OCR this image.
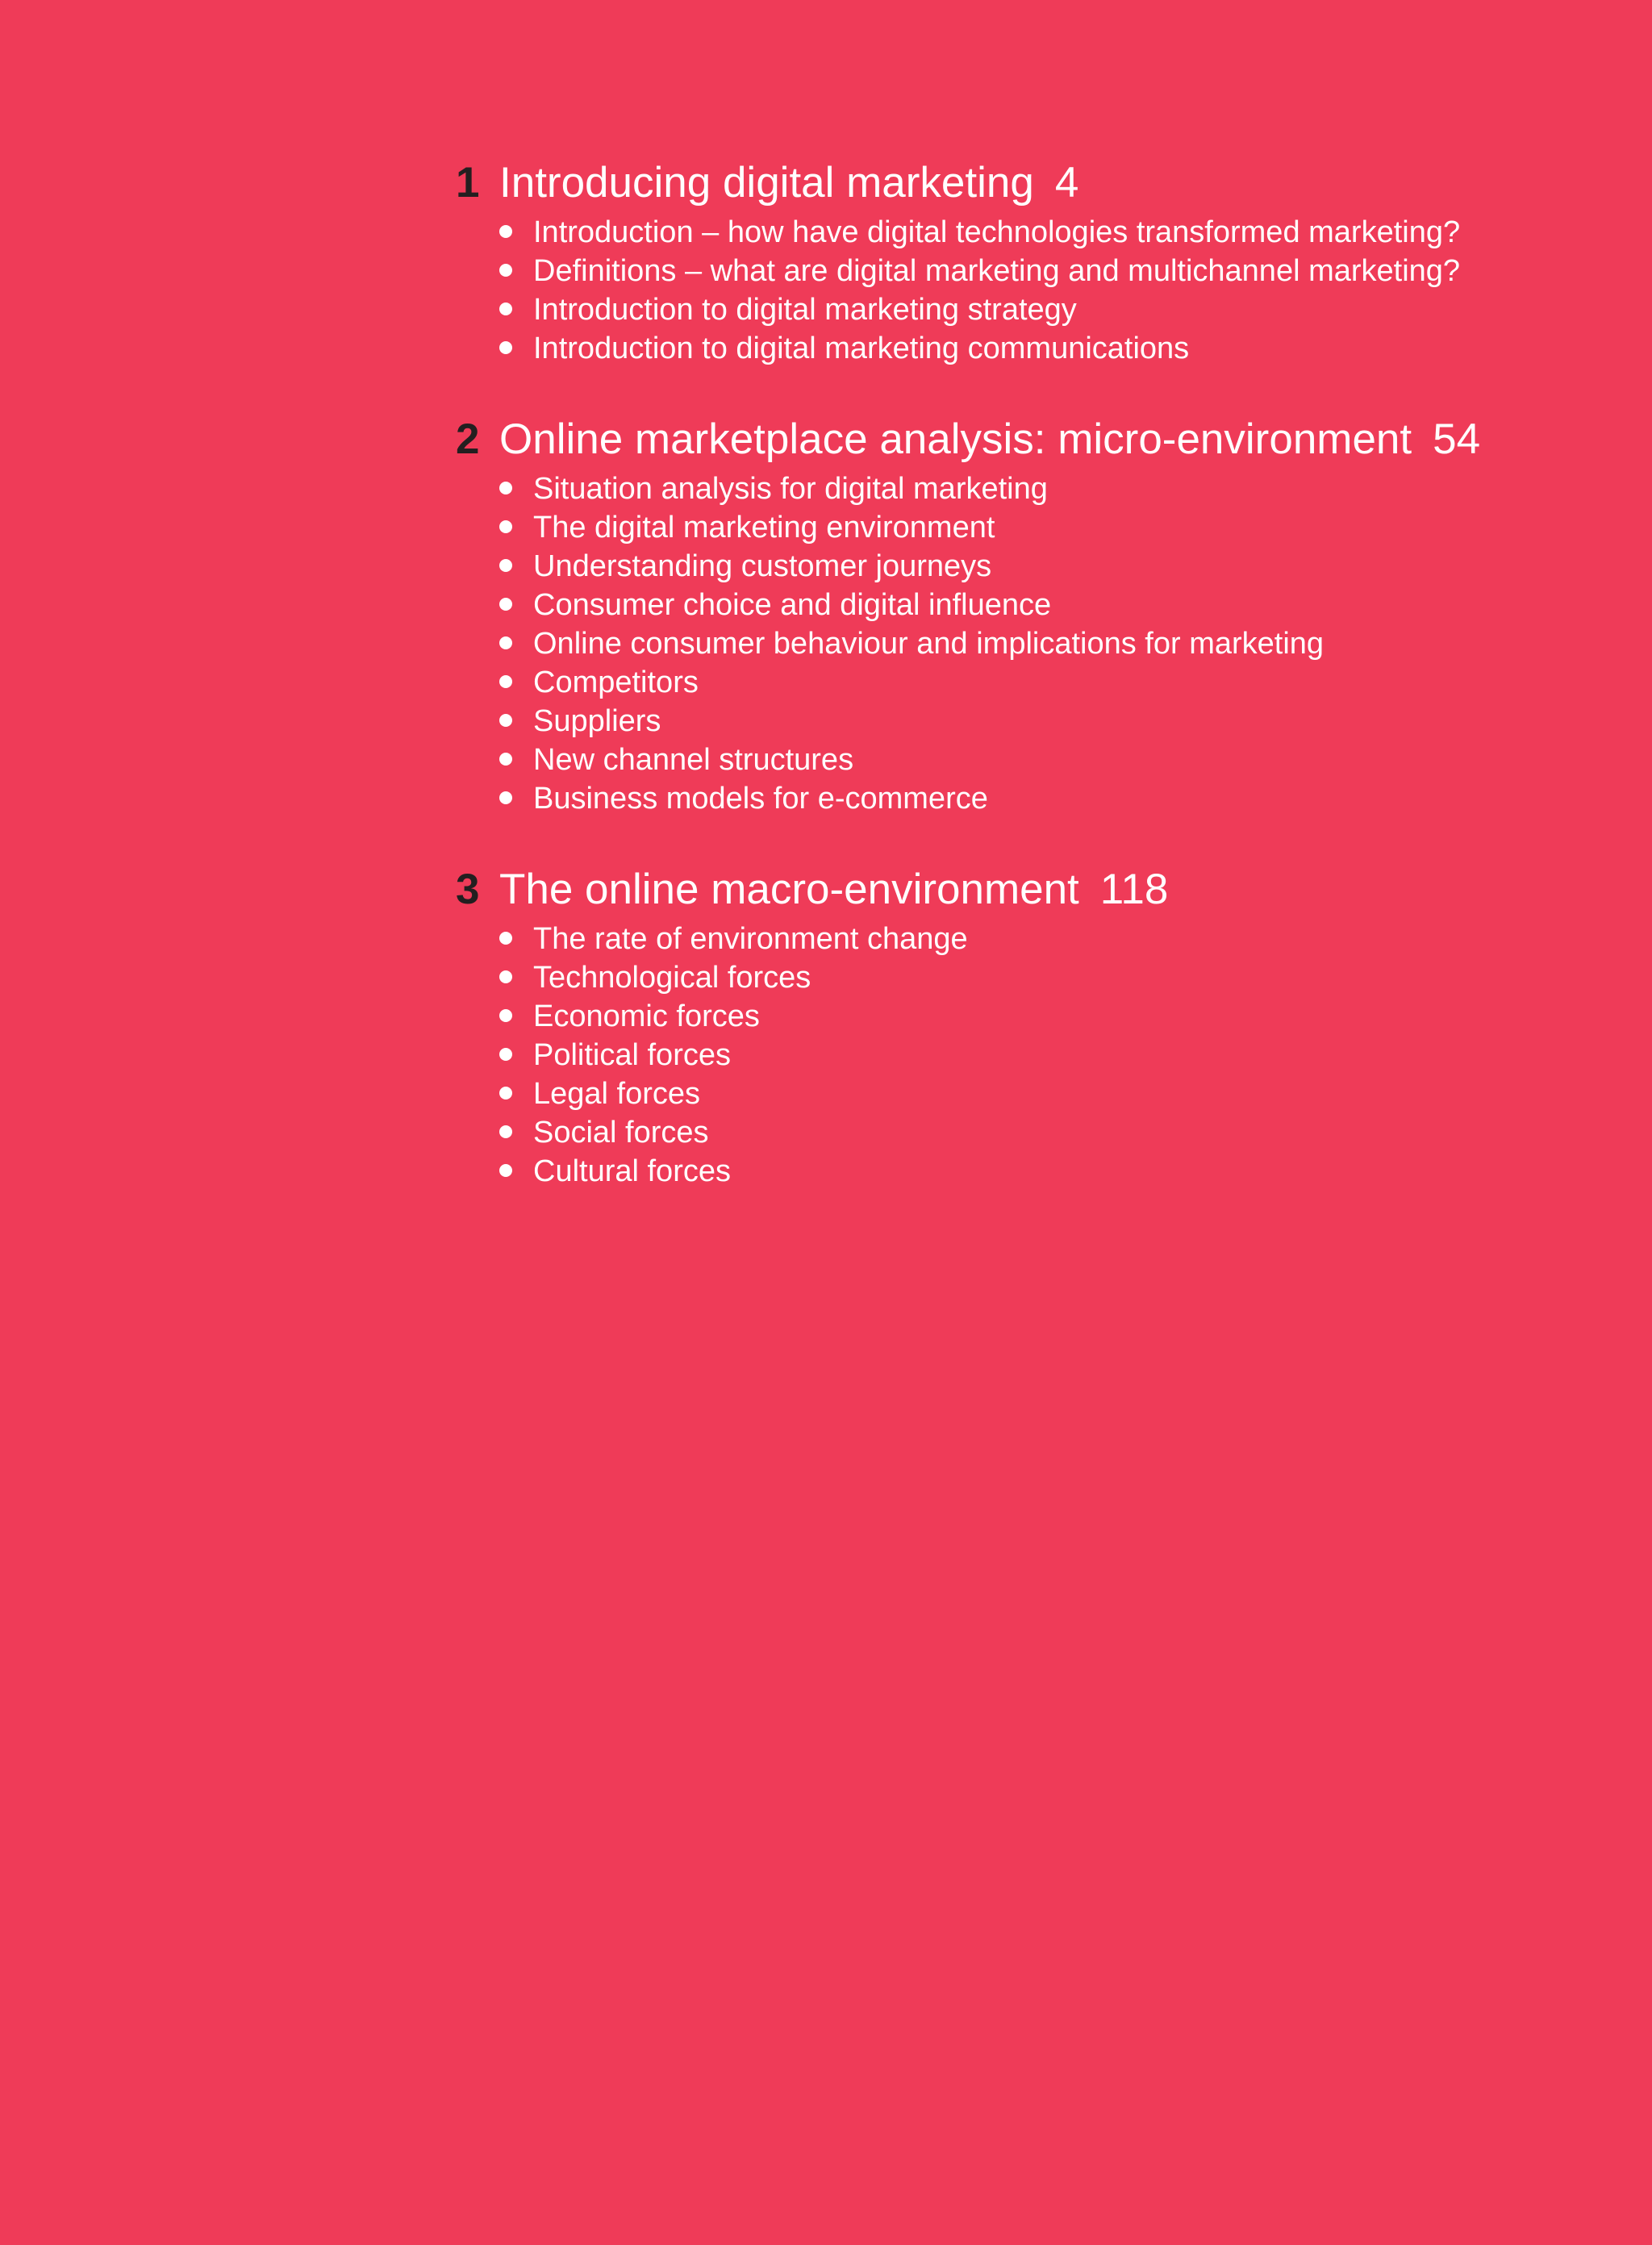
1 Introducing digital marketing 4
Introduction – how have digital technologies transformed marketing?
Definitions – what are digital marketing and multichannel marketing?
Introduction to digital marketing strategy
Introduction to digital marketing communications
2 Online marketplace analysis: micro-environment 54
Situation analysis for digital marketing
The digital marketing environment
Understanding customer journeys
Consumer choice and digital influence
Online consumer behaviour and implications for marketing
Competitors
Suppliers
New channel structures
Business models for e-commerce
3 The online macro-environment 118
The rate of environment change
Technological forces
Economic forces
Political forces
Legal forces
Social forces
Cultural forces
